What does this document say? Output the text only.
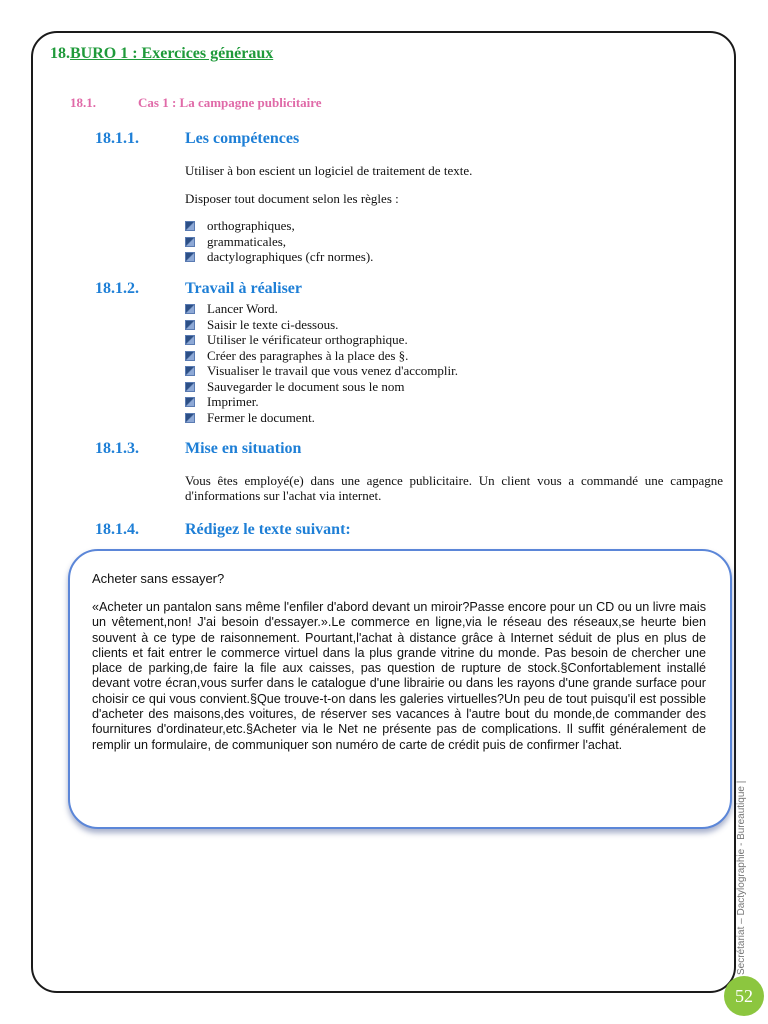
18.BURO 1 : Exercices généraux
18.1.	Cas 1 : La campagne publicitaire
18.1.1.	Les compétences
Utiliser à bon escient un logiciel de traitement de texte.
Disposer tout document selon les règles :
orthographiques,
grammaticales,
dactylographiques (cfr normes).
18.1.2.	Travail à réaliser
Lancer Word.
Saisir le texte ci-dessous.
Utiliser le vérificateur orthographique.
Créer des paragraphes à la place des §.
Visualiser le travail que vous venez d'accomplir.
Sauvegarder le document sous le nom
Imprimer.
Fermer le document.
18.1.3.	Mise en situation
Vous êtes employé(e) dans une agence publicitaire. Un client vous a commandé une campagne d'informations sur l'achat via internet.
18.1.4.	Rédigez le texte suivant:
Acheter sans essayer?
«Acheter un pantalon sans même l'enfiler d'abord devant un miroir?Passe encore pour un CD ou un livre mais un vêtement,non! J'ai besoin d'essayer.».Le commerce en ligne,via le réseau des réseaux,se heurte bien souvent à ce type de raisonnement. Pourtant,l'achat à distance grâce à Internet séduit de plus en plus de clients et fait entrer le commerce virtuel dans la plus grande vitrine du monde. Pas besoin de chercher une place de parking,de faire la file aux caisses, pas question de rupture de stock.§Confortablement installé devant votre écran,vous surfer dans le catalogue d'une librairie ou dans les rayons d'une grande surface pour choisir ce qui vous convient.§Que trouve-t-on dans les galeries virtuelles?Un peu de tout puisqu'il est possible d'acheter des maisons,des voitures, de réserver ses vacances à l'autre bout du monde,de commander des fournitures d'ordinateur,etc.§Acheter via le Net ne présente pas de complications. Il suffit généralement de remplir un formulaire, de communiquer son numéro de carte de crédit puis de confirmer l'achat.
Secrétariat – Dactylographie - Bureautique |
52
